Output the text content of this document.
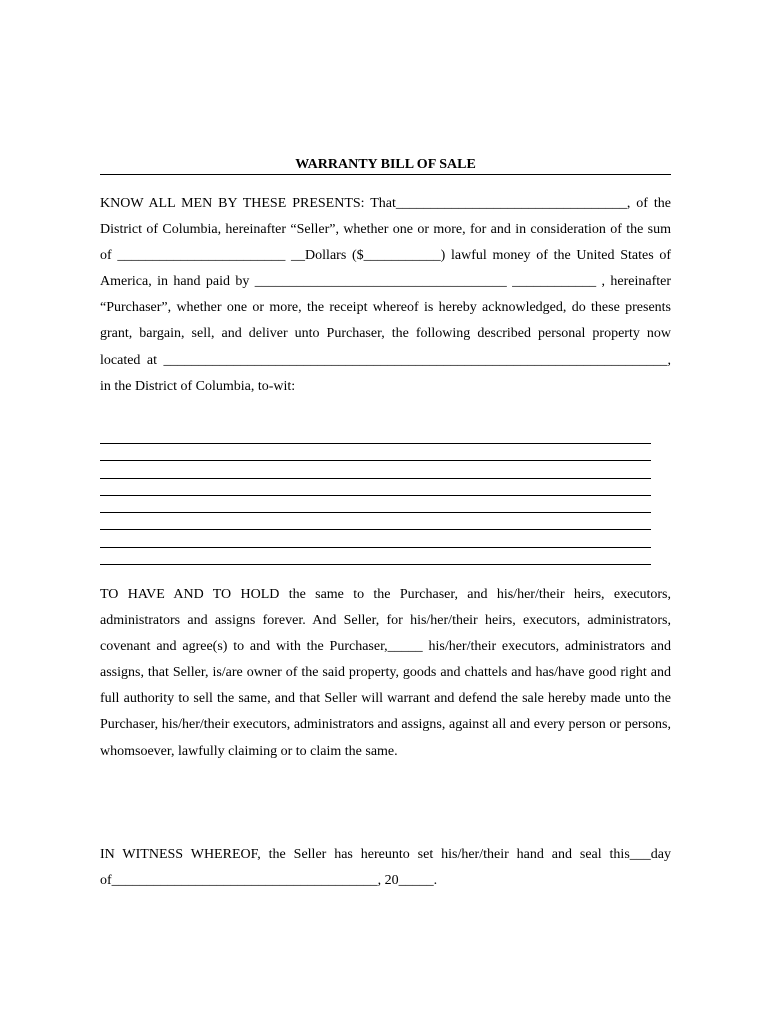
WARRANTY BILL OF SALE

KNOW ALL MEN BY THESE PRESENTS: That_________________________________, of the District of Columbia, hereinafter “Seller”, whether one or more, for and in consideration of the sum of ________________________ __Dollars ($___________) lawful money of the United States of America, in hand paid by ____________________________________ ____________ , hereinafter “Purchaser”, whether one or more, the receipt whereof is hereby acknowledged, do these presents grant, bargain, sell, and deliver unto Purchaser, the following described personal property now located at ________________________________________________________________________, in the District of Columbia, to-wit:

TO HAVE AND TO HOLD the same to the Purchaser, and his/her/their heirs, executors, administrators and assigns forever. And Seller, for his/her/their heirs, executors, administrators, covenant and agree(s) to and with the Purchaser,_____ his/her/their executors, administrators and assigns, that Seller, is/are owner of the said property, goods and chattels and has/have good right and full authority to sell the same, and that Seller will warrant and defend the sale hereby made unto the Purchaser, his/her/their executors, administrators and assigns, against all and every person or persons, whomsoever, lawfully claiming or to claim the same.

IN WITNESS WHEREOF, the Seller has hereunto set his/her/their hand and seal this___day of______________________________________, 20_____.
